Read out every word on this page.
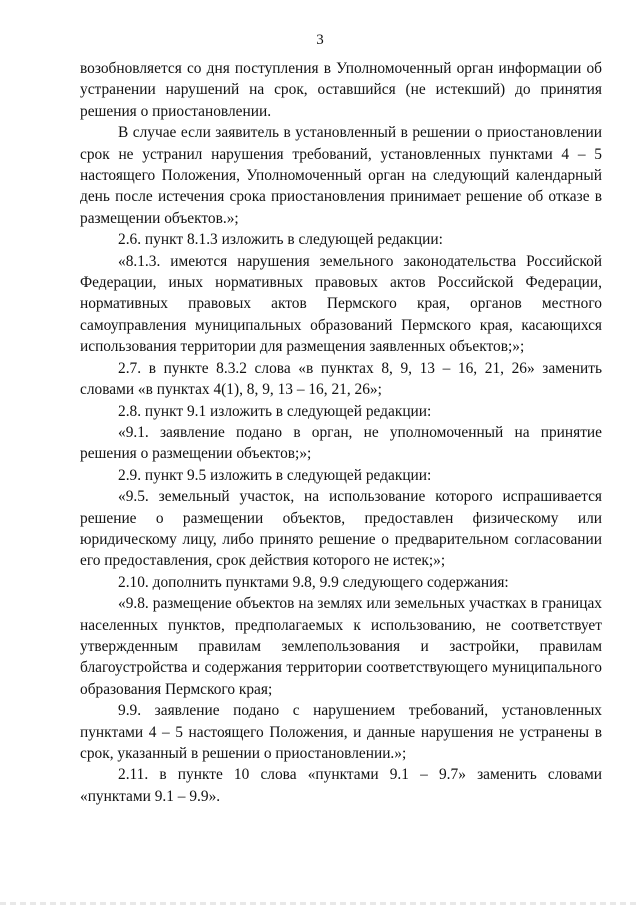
3

возобновляется со дня поступления в Уполномоченный орган информации об устранении нарушений на срок, оставшийся (не истекший) до принятия решения о приостановлении.

В случае если заявитель в установленный в решении о приостановлении срок не устранил нарушения требований, установленных пунктами 4 – 5 настоящего Положения, Уполномоченный орган на следующий календарный день после истечения срока приостановления принимает решение об отказе в размещении объектов.»;

2.6. пункт 8.1.3 изложить в следующей редакции:

«8.1.3. имеются нарушения земельного законодательства Российской Федерации, иных нормативных правовых актов Российской Федерации, нормативных правовых актов Пермского края, органов местного самоуправления муниципальных образований Пермского края, касающихся использования территории для размещения заявленных объектов;»;

2.7. в пункте 8.3.2 слова «в пунктах 8, 9, 13 – 16, 21, 26» заменить словами «в пунктах 4(1), 8, 9, 13 – 16, 21, 26»;

2.8. пункт 9.1 изложить в следующей редакции:

«9.1. заявление подано в орган, не уполномоченный на принятие решения о размещении объектов;»;

2.9. пункт 9.5 изложить в следующей редакции:

«9.5. земельный участок, на использование которого испрашивается решение о размещении объектов, предоставлен физическому или юридическому лицу, либо принято решение о предварительном согласовании его предоставления, срок действия которого не истек;»;

2.10. дополнить пунктами 9.8, 9.9 следующего содержания:

«9.8. размещение объектов на землях или земельных участках в границах населенных пунктов, предполагаемых к использованию, не соответствует утвержденным правилам землепользования и застройки, правилам благоустройства и содержания территории соответствующего муниципального образования Пермского края;

9.9. заявление подано с нарушением требований, установленных пунктами 4 – 5 настоящего Положения, и данные нарушения не устранены в срок, указанный в решении о приостановлении.»;

2.11. в пункте 10 слова «пунктами 9.1 – 9.7» заменить словами «пунктами 9.1 – 9.9».
